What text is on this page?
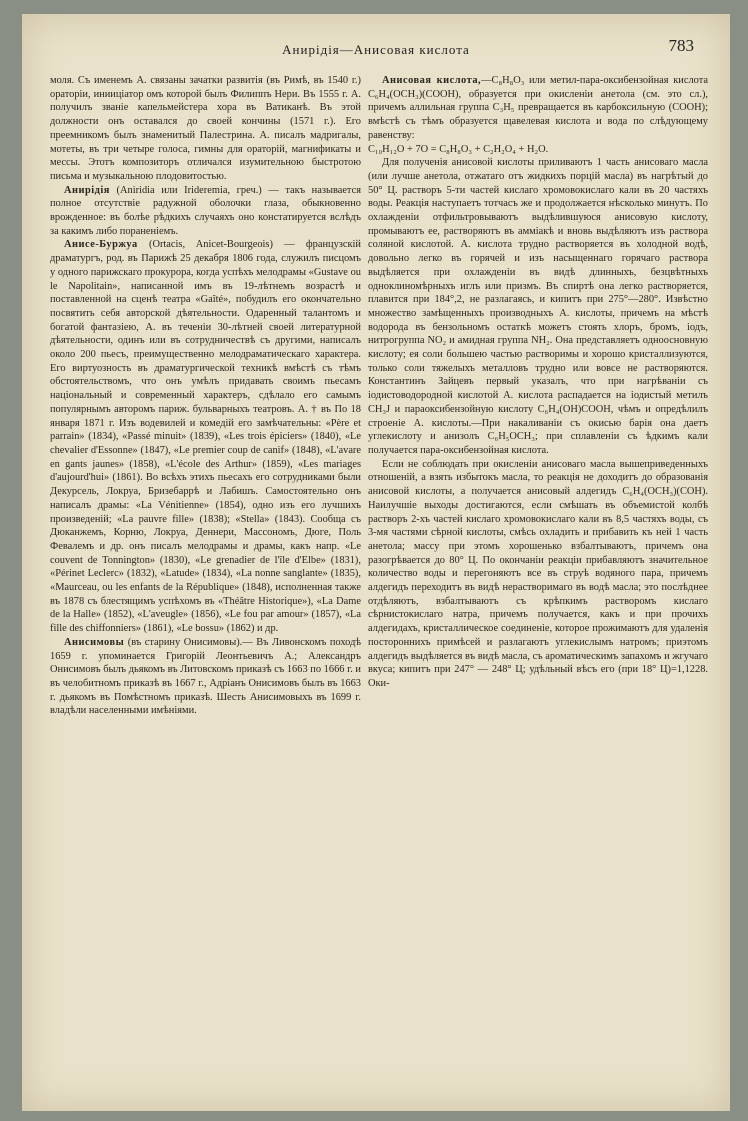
Анирідія—Анисовая кислота	783

моля. Съ именемъ А. связаны зачатки развитія (въ Римѣ, въ 1540 г.) ораторіи, инииціатор омъ которой былъ Филиппъ Нери. Въ 1555 г. А. получилъ званіе капельмейстера хора въ Ватиканѣ. Въ этой должности онъ оставался до своей кончины (1571 г.). Его преемникомъ былъ знаменитый Палестрина. А. писалъ мадригалы, мотеты, въ три четыре голоса, гимны для ораторій, магнификаты и мессы. Этотъ композиторъ отличался изумительною быстротою письма и музыкальною плодовитостью.

Анирідія (Aniridia или Irideremia, греч.) — такъ называется полное отсутствіе радужной оболочки глаза, обыкновенно врожденное: въ болѣе рѣдкихъ случаяхъ оно констатируется вслѣдъ за какимъ либо пораненіемъ.

Анисе-Буржуа (Ortacis, Anicet-Bourgeois) — французскій драматургъ, род. въ Парижѣ 25 декабря 1806 года, служилъ писцомъ у одного парижскаго прокурора, когда успѣхъ мелодрамы «Gustave ou le Napolitain», написанной имъ въ 19-лѣтнемъ возрастѣ и поставленной на сценѣ театра «Gaîté», побудилъ его окончательно посвятить себя авторской дѣятельности. Одаренный талантомъ и богатой фантазіею, А. въ теченіи 30-лѣтней своей литературной дѣятельности, одинъ или въ сотрудничествѣ съ другими, написалъ около 200 пьесъ, преимущественно мелодраматическаго характера. Его виртуозность въ драматургической техникѣ вмѣстѣ съ тѣмъ обстоятельствомъ, что онъ умѣлъ придавать своимъ пьесамъ національный и современный характеръ, сдѣлало его самымъ популярнымъ авторомъ париж. бульварныхъ театровъ. А. † въ Пo 18 января 1871 г. Изъ водевилей и комедій его замѣчательны: «Père et parrain» (1834), «Passé minuit» (1839), «Les trois épiciers» (1840), «Le chevalier d'Essonne» (1847), «Le premier coup de canif» (1848), «L'avare en gants jaunes» (1858), «L'école des Arthur» (1859), «Les mariages d'aujourd'hui» (1861). Во всѣхъ этихъ пьесахъ его сотрудниками были Декурсель, Локруа, Бризебаррѣ и Лабишъ. Самостоятельно онъ написалъ драмы: «La Vénitienne» (1854), одно изъ его лучшихъ произведеній; «La pauvre fille» (1838); «Stella» (1843). Сообща съ Дюканжемъ, Корню, Локруа, Деннери, Массономъ, Дюге, Поль Февалемъ и др. онъ писалъ мелодрамы и драмы, какъ напр. «Le couvent de Tonnington» (1830), «Le grenadier de l'île d'Elbe» (1831), «Périnet Leclerc» (1832), «Latude» (1834), «La nonne sanglante» (1835), «Maurceau, ou les enfants de la République» (1848), исполненная также въ 1878 съ блестящимъ успѣхомъ въ «Théâtre Historique»), «La Dame de la Halle» (1852), «L'aveugle» (1856), «Le fou par amour» (1857), «La fille des chiffonniers» (1861), «Le bossu» (1862) и др.

Анисимовы (въ старину Онисимовы).— Въ Ливонскомъ походѣ 1659 г. упоминается Григорій Леонтьевичъ А.; Александръ Онисимовъ былъ дьякомъ въ Литовскомъ приказѣ съ 1663 по 1666 г. и въ челобитномъ приказѣ въ 1667 г., Адріанъ Онисимовъ былъ въ 1663 г. дьякомъ въ Помѣстномъ приказѣ. Шесть Анисимовыхъ въ 1699 г. владѣли населенными имѣніями.

Анисовая кислота,—C₈H₈O₃ или метил-пара-оксибензойная кислота C₆H₄(OCH₃)(COOH), образуется при окисленіи анетола (см. это сл.), причемъ аллильная группа C₃H₅ превращается въ карбоксильную (COOH); вмѣстѣ съ тѣмъ образуется щавелевая кислота и вода по слѣдующему равенству:

C₁₀H₁₂O + 7O = C₈H₈O₃ + C₂H₂O₄ + H₂O.

Для полученія анисовой кислоты приливаютъ 1 часть анисоваго масла (или лучше анетола, отжатаго отъ жидкихъ порцій масла) въ нагрѣтый до 50° Ц. растворъ 5-ти частей кислаго хромовокислаго кали въ 20 частяхъ воды. Реакція наступаетъ тотчасъ же и продолжается нѣсколько минутъ. По охлажденіи отфильтровываютъ выдѣлившуюся анисовую кислоту, промываютъ ее, растворяютъ въ аммiакѣ и вновь выдѣляютъ изъ раствора соляной кислотой. А. кислота трудно растворяется въ холодной водѣ, довольно легко въ горячей и изъ насыщеннаго горячаго раствора выдѣляется при охлажденіи въ видѣ длинныхъ, безцвѣтныхъ одноклиномѣрныхъ иглъ или призмъ. Въ спиртѣ она легко растворяется, плавится при 184°,2, не разлагаясь, и кипитъ при 275°—280°. Извѣстно множество замѣщенныхъ производныхъ А. кислоты, причемъ на мѣстѣ водорода въ бензольномъ остаткѣ можетъ стоять хлоръ, бромъ, іодъ, нитрогруппа NO₂ и амидная группа NH₂. Она представляетъ одноосновную кислоту; ея соли большею частью растворимы и хорошо кристаллизуются, только соли тяжелыхъ металловъ трудно или вовсе не растворяются. Константинъ Зайцевъ первый указалъ, что при нагрѣваніи съ іодистоводородной кислотой А. кислота распадается на іодистый метилъ CH₃J и параоксибензойную кислоту C₆H₄(OH)COOH, чѣмъ и опредѣлилъ строеніе А. кислоты.—При накаливаніи съ окисью барія она даетъ углекислоту и анизолъ C₆H₅OCH₃; при сплавленіи съ ѣдкимъ кали получается пара-оксибензойная кислота.

Если не соблюдать при окисленіи анисоваго масла вышеприведенныхъ отношеній, а взять избытокъ масла, то реакція не доходитъ до образованія анисовой кислоты, а получается анисовый алдегидъ C₆H₄(OCH₃)(COH). Наилучшіе выходы достигаются, если смѣшать въ объемистой колбѣ растворъ 2-хъ частей кислаго хромовокислаго кали въ 8,5 частяхъ воды, съ 3-мя частями сѣрной кислоты, смѣсь охладить и прибавить къ ней 1 часть анетола; массу при этомъ хорошенько взбалтываютъ, причемъ она разогрѣвается до 80° Ц. По окончаніи реакціи прибавляютъ значительное количество воды и перегоняютъ все въ струѣ водяного пара, причемъ алдегидъ переходитъ въ видѣ нерастворимаго въ водѣ масла; это послѣднее отдѣляютъ, взбалтываютъ съ крѣпкимъ растворомъ кислаго сѣрнистокислаго натра, причемъ получается, какъ и при прочихъ алдегидахъ, кристаллическое соединеніе, которое прожимаютъ для удаленія постороннихъ примѣсей и разлагаютъ углекислымъ натромъ; приэтомъ алдегидъ выдѣляется въ видѣ масла, съ ароматическимъ запахомъ и жгучаго вкуса; кипитъ при 247° — 248° Ц; удѣльный вѣсъ его (при 18° Ц)=1,1228. Оки-
